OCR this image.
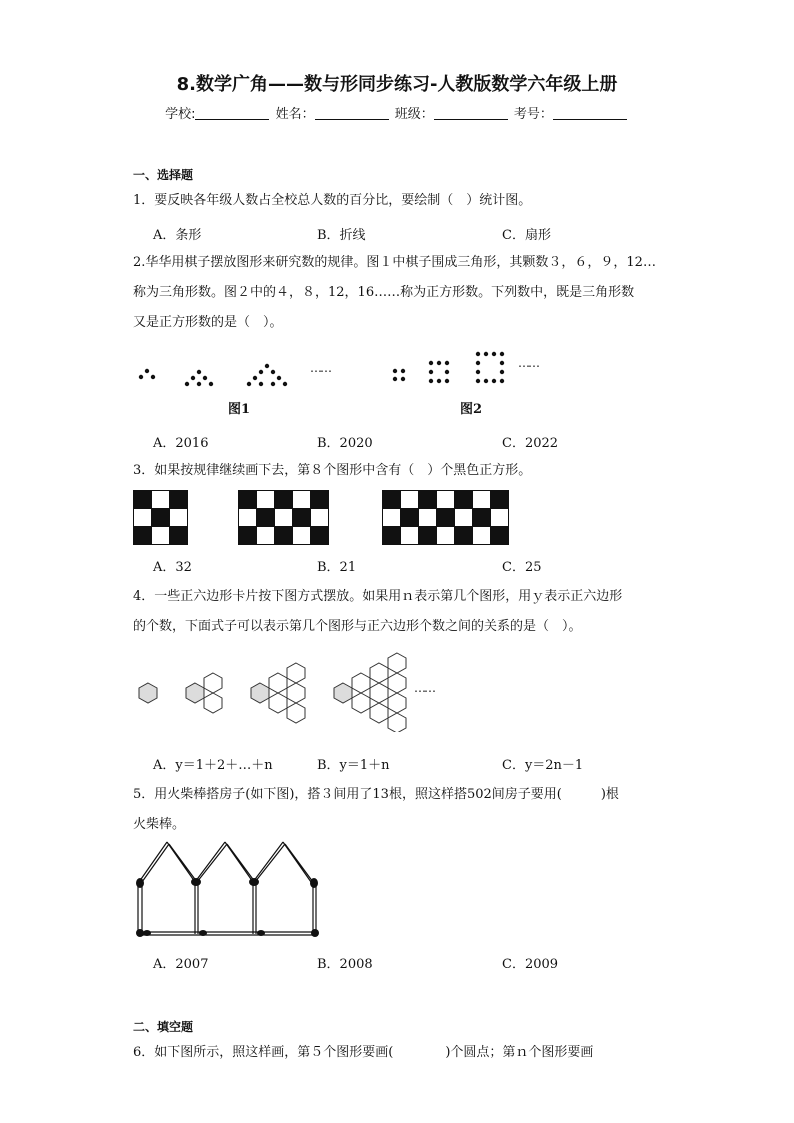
8.数学广角——数与形同步练习-人教版数学六年级上册
学校:	姓名：	班级：	考号：
一、选择题
1．要反映各年级人数占全校总人数的百分比，要绘制（　）统计图。
A．条形	B．折线	C．扇形
2.华华用棋子摆放图形来研究数的规律。图１中棋子围成三角形，其颗数３，６，９，12…
称为三角形数。图２中的４，８，12，16……称为正方形数。下列数中，既是三角形数
又是正方形数的是（　）。
……	……
图1	图2
A．2016	B．2020	C．2022
3．如果按规律继续画下去，第８个图形中含有（　）个黑色正方形。
A．32	B．21	C．25
4．一些正六边形卡片按下图方式摆放。如果用ｎ表示第几个图形，用ｙ表示正六边形
的个数，下面式子可以表示第几个图形与正六边形个数之间的关系的是（　）。
……
A．y＝1＋2＋…＋n	B．y＝1＋n	C．y＝2n－1
5．用火柴棒搭房子(如下图)，搭３间用了13根，照这样搭502间房子要用(　　　)根
火柴棒。
A．2007	B．2008	C．2009
二、填空题
6．如下图所示，照这样画，第５个图形要画(　　　　)个圆点；第ｎ个图形要画
